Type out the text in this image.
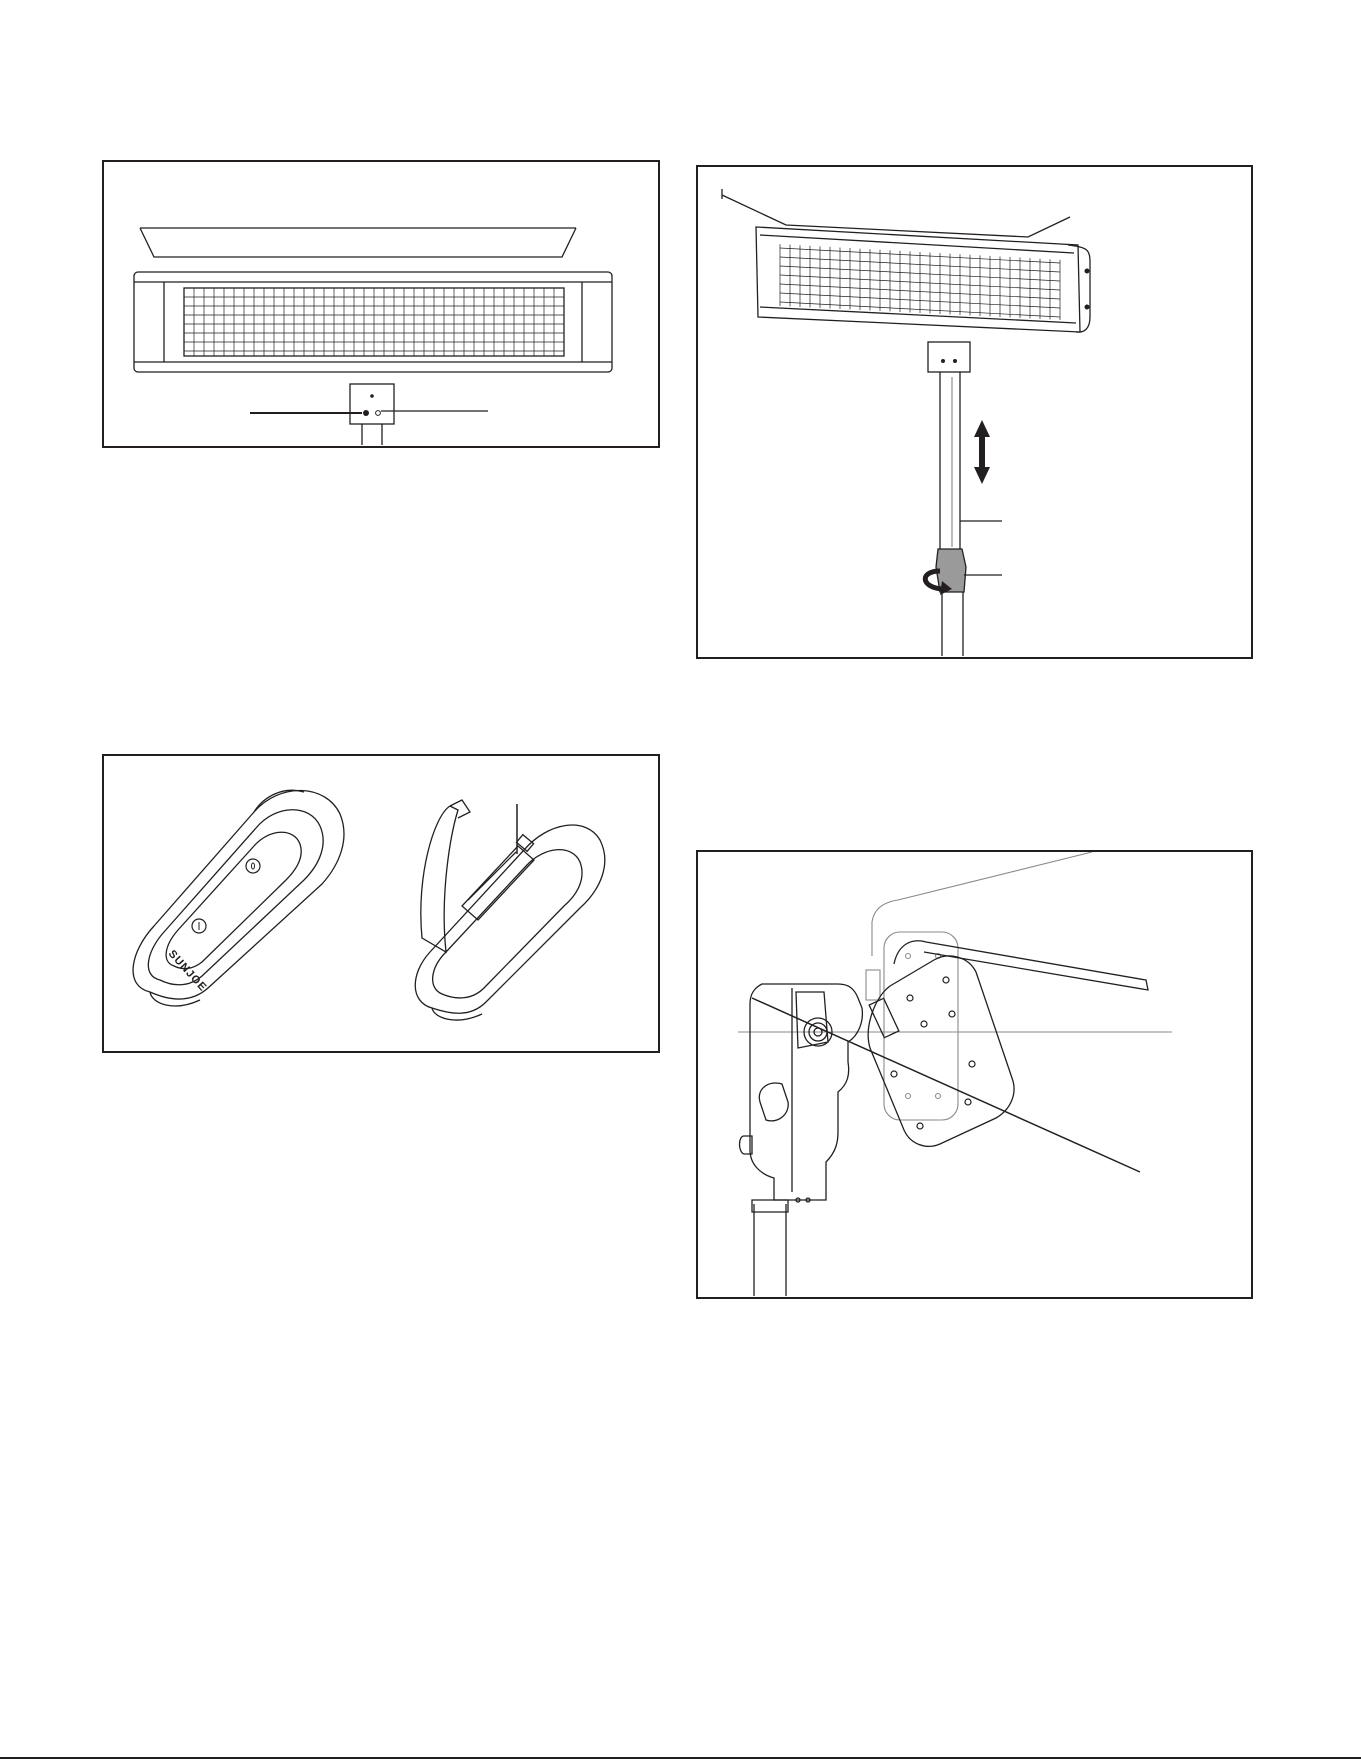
SUNJOE
